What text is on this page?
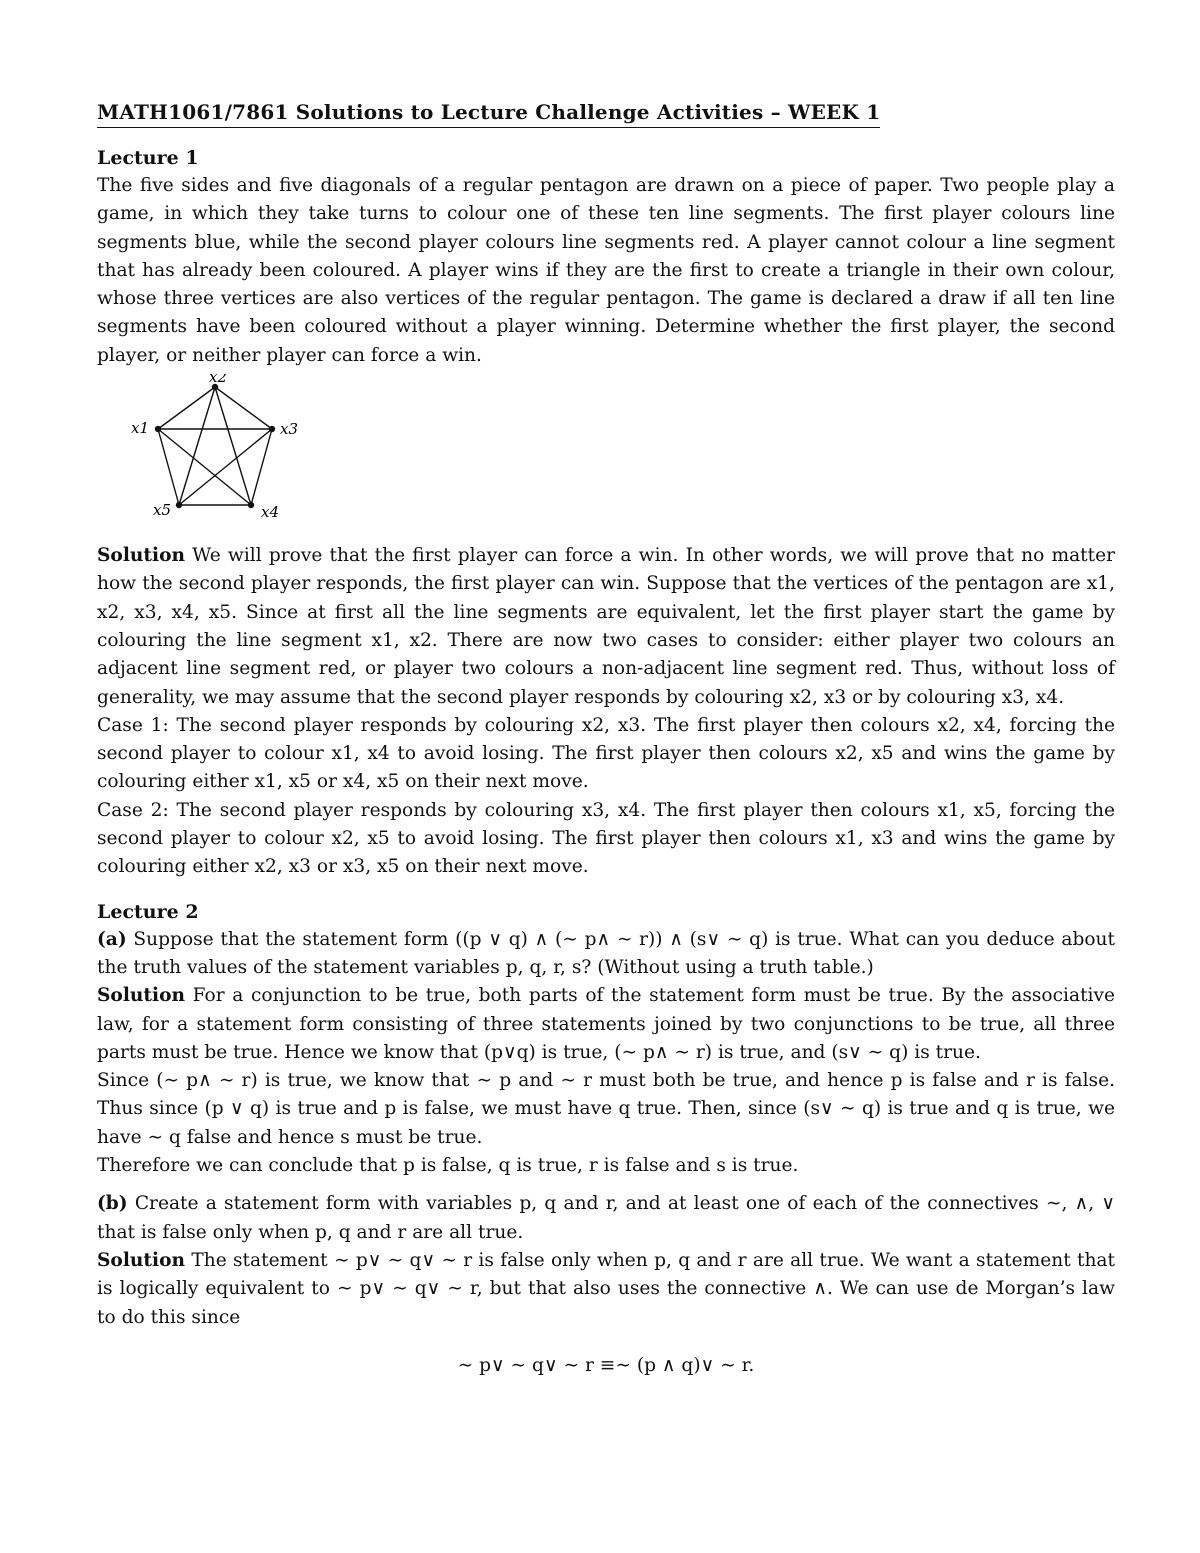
MATH1061/7861 Solutions to Lecture Challenge Activities – WEEK 1
Lecture 1

The five sides and five diagonals of a regular pentagon are drawn on a piece of paper. Two people play a game, in which they take turns to colour one of these ten line segments. The first player colours line segments blue, while the second player colours line segments red. A player cannot colour a line segment that has already been coloured. A player wins if they are the first to create a triangle in their own colour, whose three vertices are also vertices of the regular pentagon. The game is declared a draw if all ten line segments have been coloured without a player winning. Determine whether the first player, the second player, or neither player can force a win.

x1
x2
x3
x4
x5

Solution We will prove that the first player can force a win. In other words, we will prove that no matter how the second player responds, the first player can win. Suppose that the vertices of the pentagon are x1, x2, x3, x4, x5. Since at first all the line segments are equivalent, let the first player start the game by colouring the line segment x1, x2. There are now two cases to consider: either player two colours an adjacent line segment red, or player two colours a non-adjacent line segment red. Thus, without loss of generality, we may assume that the second player responds by colouring x2, x3 or by colouring x3, x4.

Case 1: The second player responds by colouring x2, x3. The first player then colours x2, x4, forcing the second player to colour x1, x4 to avoid losing. The first player then colours x2, x5 and wins the game by colouring either x1, x5 or x4, x5 on their next move.

Case 2: The second player responds by colouring x3, x4. The first player then colours x1, x5, forcing the second player to colour x2, x5 to avoid losing. The first player then colours x1, x3 and wins the game by colouring either x2, x3 or x3, x5 on their next move.

Lecture 2

(a) Suppose that the statement form ((p ∨ q) ∧ (∼ p∧ ∼ r)) ∧ (s∨ ∼ q) is true. What can you deduce about the truth values of the statement variables p, q, r, s? (Without using a truth table.)

Solution For a conjunction to be true, both parts of the statement form must be true. By the associative law, for a statement form consisting of three statements joined by two conjunctions to be true, all three parts must be true. Hence we know that (p∨q) is true, (∼ p∧ ∼ r) is true, and (s∨ ∼ q) is true.

Since (∼ p∧ ∼ r) is true, we know that ∼ p and ∼ r must both be true, and hence p is false and r is false. Thus since (p ∨ q) is true and p is false, we must have q true. Then, since (s∨ ∼ q) is true and q is true, we have ∼ q false and hence s must be true.

Therefore we can conclude that p is false, q is true, r is false and s is true.

(b) Create a statement form with variables p, q and r, and at least one of each of the connectives ∼, ∧, ∨ that is false only when p, q and r are all true.

Solution The statement ∼ p∨ ∼ q∨ ∼ r is false only when p, q and r are all true. We want a statement that is logically equivalent to ∼ p∨ ∼ q∨ ∼ r, but that also uses the connective ∧. We can use de Morgan’s law to do this since

∼ p∨ ∼ q∨ ∼ r ≡∼ (p ∧ q)∨ ∼ r.
